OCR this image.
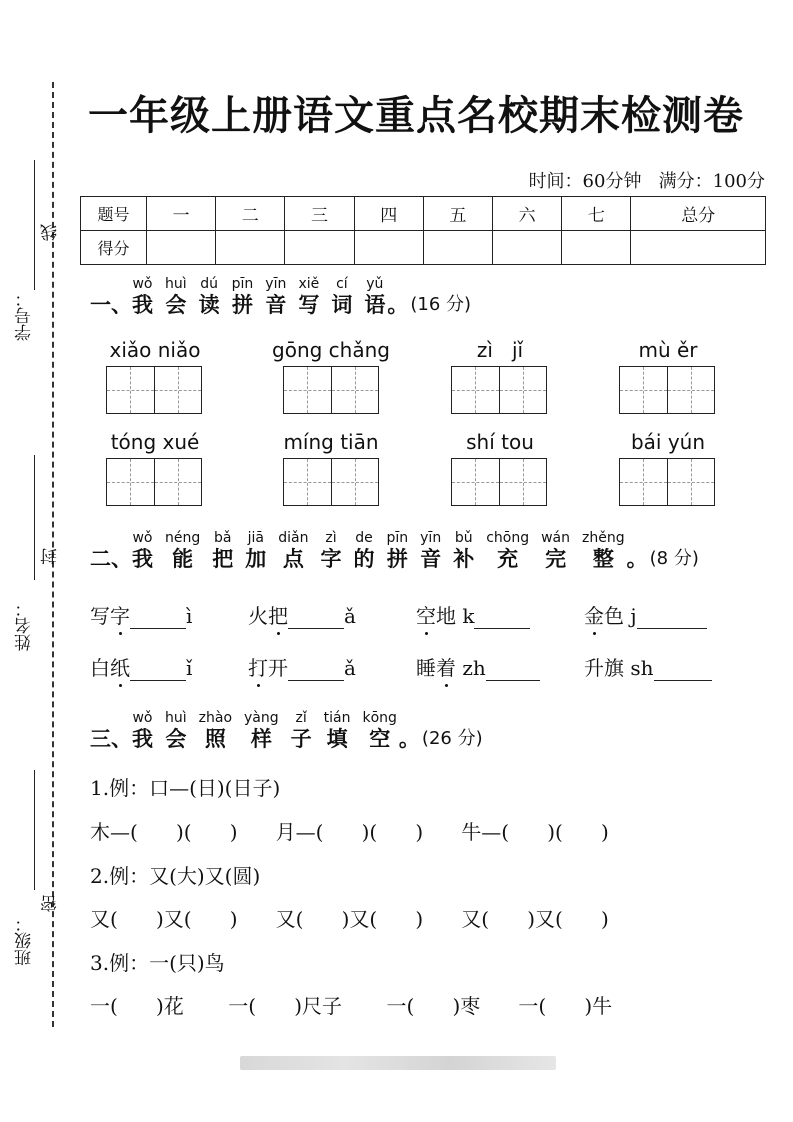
线
学号：
封
姓名：
密
班级：
一年级上册语文重点名校期末检测卷
时间：60分钟 满分：100分
题号	一	二	三	四	五	六	七	总分
得分								
一、
wǒ
我
huì
会
dú
读
pīn
拼
yīn
音
xiě
写
cí
词
yǔ
语 。 (16 分)
xiǎo niǎo	gōng chǎng	zì   jǐ	mù ěr
tóng xué	míng tiān	shí tou	bái yún
二、
wǒ
我
néng
能
bǎ
把
jiā
加
diǎn
点
zì
字
de
的
pīn
拼
yīn
音
bǔ
补
chōng
充
wán
完
zhěng
整 。 (8 分)
写字	ì	火把	ǎ	空地 k	金色 j
白纸	ǐ	打开	ǎ	睡着 zh	升旗 sh
三、
wǒ
我
huì
会
zhào
照
yàng
样
zǐ
子
tián
填
kōng
空 。 (26 分)
1.例：口—(日)(日子)
木—(      )(      )      月—(      )(      )      牛—(      )(      )
2.例：又(大)又(圆)
又(      )又(      )      又(      )又(      )      又(      )又(      )
3.例：一(只)鸟
一(      )花       一(      )尺子       一(      )枣      一(      )牛
